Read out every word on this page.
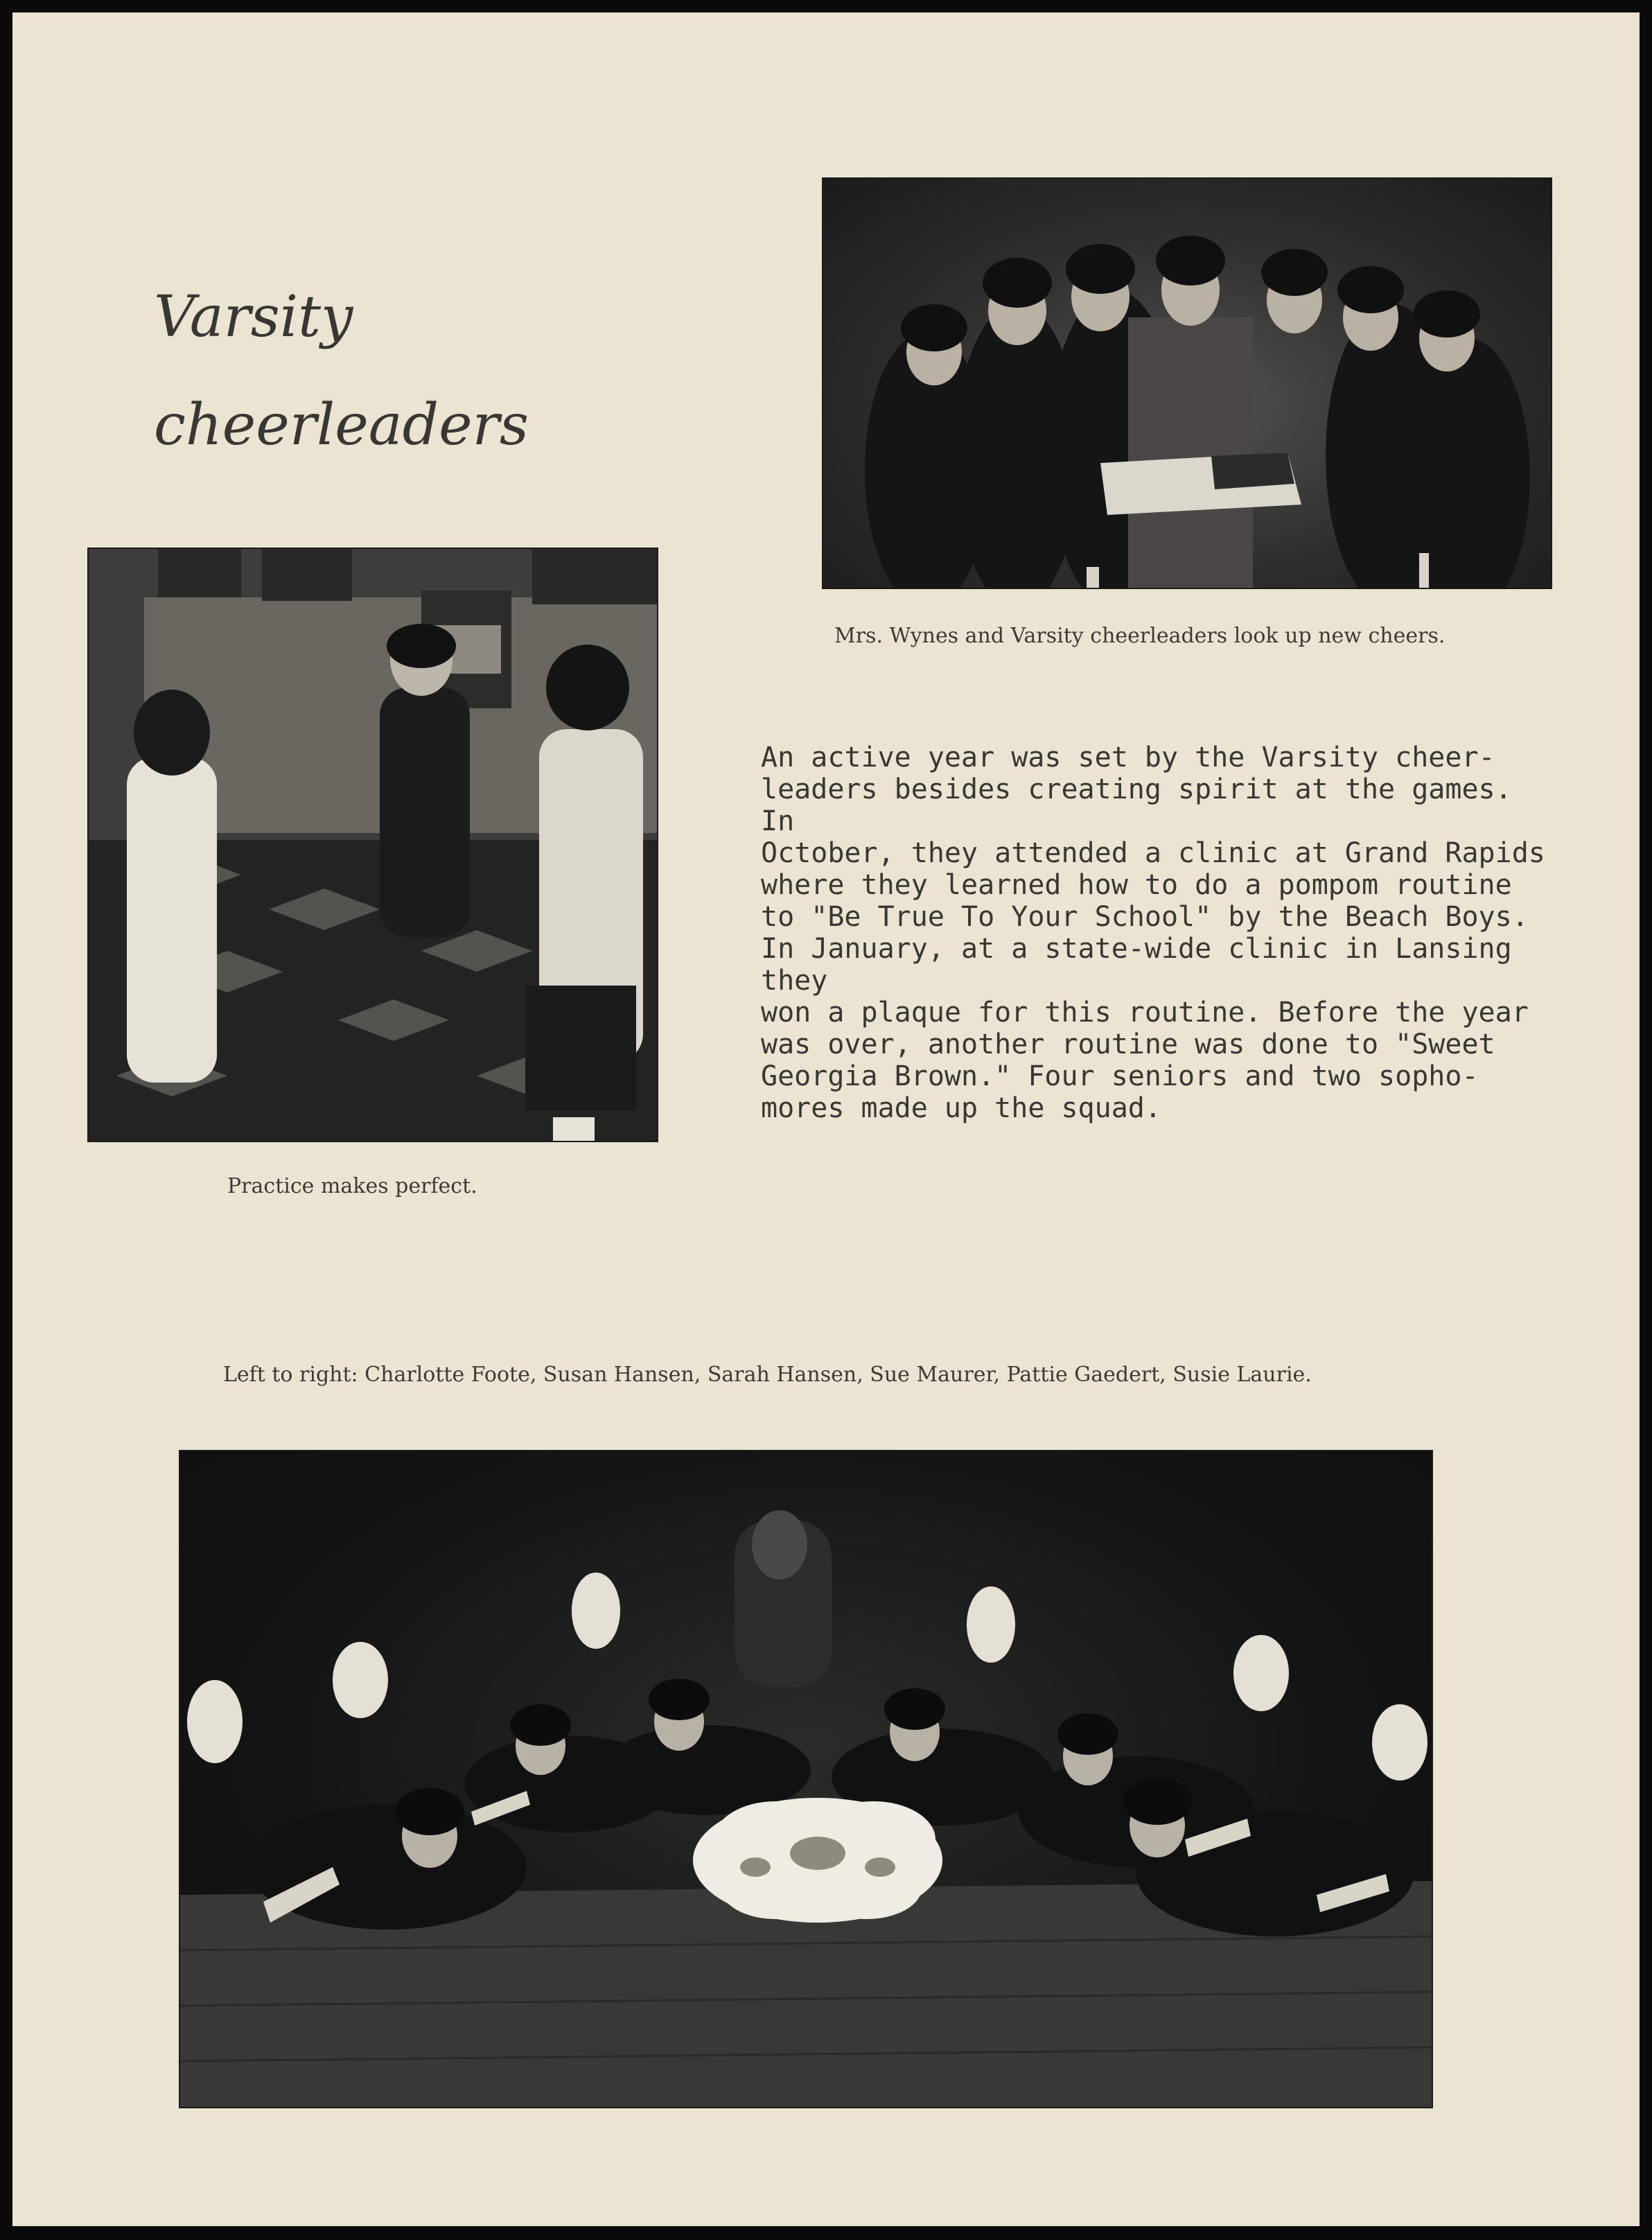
Varsity
cheerleaders

Mrs. Wynes and Varsity cheerleaders look up new cheers.

Practice makes perfect.

An active year was set by the Varsity cheer-
leaders besides creating spirit at the games. In
October, they attended a clinic at Grand Rapids
where they learned how to do a pompom routine
to "Be True To Your School" by the Beach Boys.
In January, at a state-wide clinic in Lansing they
won a plaque for this routine. Before the year
was over, another routine was done to "Sweet
Georgia Brown." Four seniors and two sopho-
mores made up the squad.

Left to right: Charlotte Foote, Susan Hansen, Sarah Hansen, Sue Maurer, Pattie Gaedert, Susie Laurie.
